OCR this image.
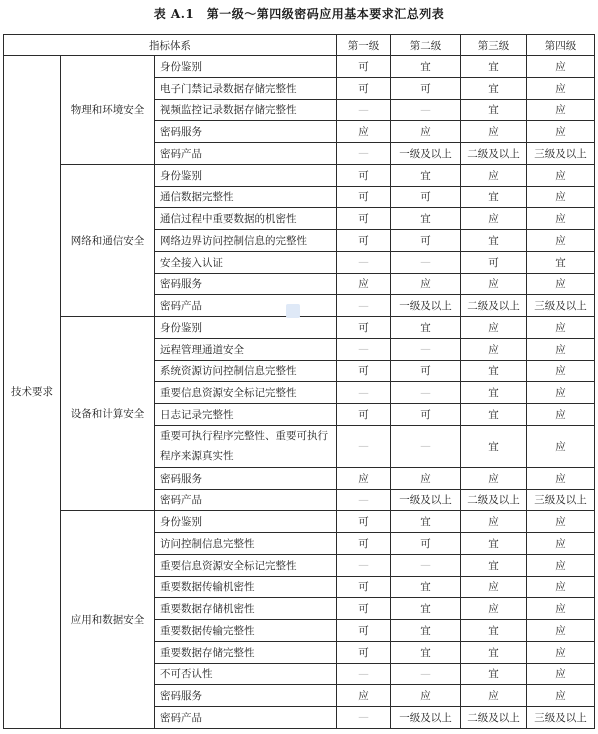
表 A.1　第一级～第四级密码应用基本要求汇总列表
指标体系			第一级	第二级	第三级	第四级
技术要求	物理和环境安全	身份鉴别	可	宜	宜	应
		电子门禁记录数据存储完整性	可	可	宜	应
		视频监控记录数据存储完整性	—	—	宜	应
		密码服务	应	应	应	应
		密码产品	—	一级及以上	二级及以上	三级及以上
	网络和通信安全	身份鉴别	可	宜	应	应
		通信数据完整性	可	可	宜	应
		通信过程中重要数据的机密性	可	宜	应	应
		网络边界访问控制信息的完整性	可	可	宜	应
		安全接入认证	—	—	可	宜
		密码服务	应	应	应	应
		密码产品	—	一级及以上	二级及以上	三级及以上
	设备和计算安全	身份鉴别	可	宜	应	应
		远程管理通道安全	—	—	应	应
		系统资源访问控制信息完整性	可	可	宜	应
		重要信息资源安全标记完整性	—	—	宜	应
		日志记录完整性	可	可	宜	应
		重要可执行程序完整性、重要可执行程序来源真实性	—	—	宜	应
		密码服务	应	应	应	应
		密码产品	—	一级及以上	二级及以上	三级及以上
	应用和数据安全	身份鉴别	可	宜	应	应
		访问控制信息完整性	可	可	宜	应
		重要信息资源安全标记完整性	—	—	宜	应
		重要数据传输机密性	可	宜	应	应
		重要数据存储机密性	可	宜	应	应
		重要数据传输完整性	可	宜	宜	应
		重要数据存储完整性	可	宜	宜	应
		不可否认性	—	—	宜	应
		密码服务	应	应	应	应
		密码产品	—	一级及以上	二级及以上	三级及以上
